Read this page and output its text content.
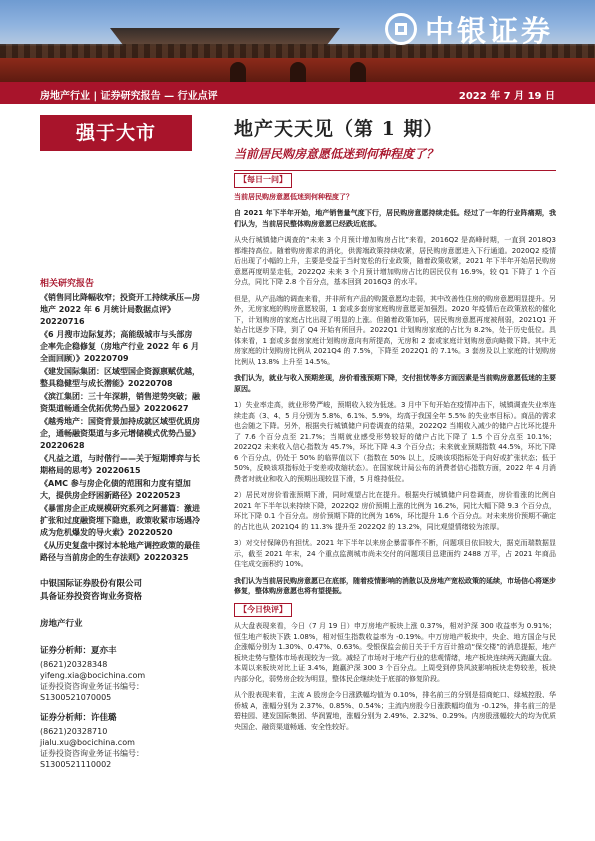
中银证券
房地产行业 | 证券研究报告 — 行业点评	2022 年 7 月 19 日
强于大市	地产天天见（第 1 期）
当前居民购房意愿低迷到何种程度了？
相关研究报告
《销售同比降幅收窄；投资开工持续承压—房地产 2022 年 6 月统计局数据点评》20220716
《6 月搜市边际复苏；高能级城市与头部房企率先企稳修复（房地产行业 2022 年 6 月全面回顾）》20220709
《建发国际集团：区域型国企资源禀赋优越，整具稳健型与成长潜能》20220708
《滨江集团：三十年深耕，销售逆势突破；融资渠道畅通全优拓优势凸显》20220627
《越秀地产：国资背景加持成就区域型优质房企，通畅融资渠道与多元增储模式优势凸显》20220628
《凡益之道，与时偕行——关于短期博弈与长期格局的思考》20220615
《AMC 参与房企化债的范围和力度有望加大，提供房企纾困新路径》20220523
《暴雷房企正成规模研究系列之阿蕃篇：激进扩张和过度融资埋下隐患，政策收紧市场遇冷成为危机爆发的导火索》20220520
《从历史复盘中探讨本轮地产调控政策的最佳路径与当前房企的生存法则》20220325
中银国际证券股份有限公司
具备证券投资咨询业务资格
房地产行业
证券分析师：夏亦丰
(8621)20328348
yifeng.xia@bocichina.com
证券投资咨询业务证书编号：S1300521070005
证券分析师：许佳璐
(8621)20328710
jialu.xu@bocichina.com
证券投资咨询业务证书编号：S1300521110002
【每日一问】
当前居民购房意愿低迷到何种程度了？

自 2021 年下半年开始，地产销售量气度下行，居民购房意愿持续走低。经过了一年的行业阵痛期，我们认为，当前居民整体购房意愿已经跌近底部。

从央行城镇储户调查的“未来 3 个月预计增加购房占比”来看，2016Q2 是高峰时期，一直到 2018Q3 都维持高位。随着购房需求的消化，供需端政策持续收紧，居民购房意愿进入下行通道。2020Q2 疫情后出现了小幅的上升，主要是受益于当时宽松的行业政策，随着政策收紧，2021 年下半年开始居民购房意愿再度明显走低，2022Q2 未来 3 个月预计增加购房占比的居民仅有 16.9%，较 Q1 下降了 1 个百分点，同比下降 2.8 个百分点，基本回到 2016Q3 的水平。

但是，从产品端的调查来看，并非所有产品的购置意愿均走弱，其中改善性住房的购房意愿明显提升。另外，无房家庭的购房意愿较弱，1 套或多套房家庭购房意愿更加强烈。2020 年疫情后在政策放松的催化下，计划购房的家庭占比出现了明显的上涨。但随着政策加码，居民购房意愿再度被削弱，2021Q1 开始占比逐步下降，到了 Q4 开始有所回升。2022Q1 计划购房家庭的占比为 8.2%，处于历史低位。具体来看，1 套或多套房家庭计划购房意向有所提高，无房和 2 套或家庭计划购房意向略微下降。其中无房家庭的计划购房比例从 2021Q4 的 7.5%，下降至 2022Q1 的 7.1%。3 套房及以上家庭的计划购房比例从 13.8% 上升至 14.5%。

我们认为，就业与收入预期差现，房价看涨预期下降，交付担忧等多方面因素是当前购房意愿低迷的主要原因。

1）失业率走高，就业形势严峻，预期收入较为低迷。3 月中下旬开始在疫情冲击下，城镇调查失业率连续走高（3、4、5 月分别为 5.8%、6.1%、5.9%，均高于我国全年 5.5% 的失业率目标）。商品的需求也会随之下降。另外，根据央行城镇储户问卷调查的结果，2022Q2 当期收入减少的储户占比环比提升了 7.6 个百分点至 21.7%；当期就业感受形势较好的储户占比下降了 1.5 个百分点至 10.1%；2022Q2 未来收入信心指数为 45.7%，环比下降 4.3 个百分点；未来就业预期指数 44.5%，环比下降 6 个百分点，仍处于 50% 的临界值以下（指数在 50% 以上，反映该项指标处于向好或扩张状态；低于 50%，反映该项指标处于变差或收缩状态）。在国家统计局公布的消费者信心指数方面，2022 年 4 月消费者对就业和收入的预期出现较显下滑，5 月维持低位。

2）居民对房价看涨预期下滑，同时观望占比在提升。根据央行城镇储户问卷调查，房价看涨的比例自 2021 年下半年以来持续下降，2022Q2 房价预期上涨的比例为 16.2%，同比大幅下降 9.3 个百分点，环比下降 0.1 个百分点。房价预期下降的比例为 16%，环比提升 1.6 个百分点。对未来房价预期不确定的占比也从 2021Q4 的 11.3% 提升至 2022Q2 的 13.2%，同比观望情绪较为浓厚。

3）对交付保障仍有担忧。2021 年下半年以来房企暴雷事件不断，问题项目依旧较大，据克而瑞数据显示，截至 2021 年末，24 个重点监测城市尚未交付的问题项目总建面约 2488 万平，占 2021 年商品住宅成交面积约 10%。

我们认为当前居民购房意愿已在底部，随着疫情影响的消散以及房地产宽松政策的延续，市场信心将逐步修复，整体购房意愿也将有望提振。

【今日快评】

从大盘表现来看，今日（7 月 19 日）申万房地产板块上涨 0.37%，相对沪深 300 收益率为 0.91%；恒生地产板块下跌 1.08%，相对恒生指数收益率为 -0.19%。中万房地产板块中，央企、地方国企与民企涨幅分别为 1.30%、0.47%、0.63%。受银保监会前日关于千方百计推动“保交楼”的消息提振，地产板块走势与整体市场表现较为一致。减轻了市场对于地产行业的悲观情绪，地产板块连续两天跑赢大盘。本周以来板块对比上证 3.4%，跑赢沪深 300 3 个百分点。上周受到停贷风波影响板块走势较差，板块内部分化，弱势房企较为明显，整体民企继续处于底部的修复阶段。

从个股表现来看，主流 A 股房企今日涨跌幅均值为 0.10%，排名前三的分别是招商蛇口、绿城控股、华侨城 A，涨幅分别为 2.37%、0.85%、0.54%；主流内房股今日涨跌幅均值为 -0.12%，排名前三的是碧桂园、建发国际集团、华润置地，涨幅分别为 2.49%、2.32%、0.29%。内房股涨幅较大的均为优质央国企、融资渠道畅通、安全性较好。
